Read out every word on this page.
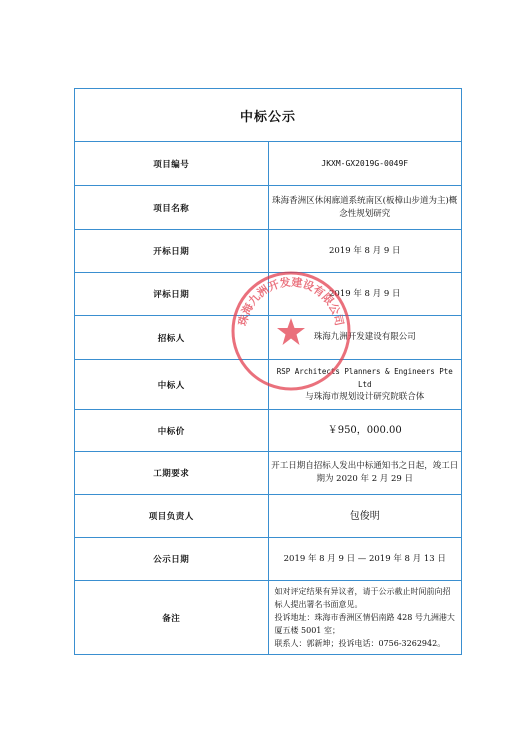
中标公示	
项目编号	JKXM-GX2019G-0049F
项目名称	珠海香洲区休闲廊道系统南区(板樟山步道为主)概念性规划研究
开标日期	2019 年 8 月 9 日
评标日期	2019 年 8 月 9 日
招标人	珠海九洲开发建设有限公司
中标人	RSP Architects Planners & Engineers Pte Ltd
与珠海市规划设计研究院联合体

中标价	￥950，000.00
工期要求	开工日期自招标人发出中标通知书之日起，竣工日期为 2020 年 2 月 29 日
项目负责人	包俊明
公示日期	2019 年 8 月 9 日 — 2019 年 8 月 13 日
备注	如对评定结果有异议者，请于公示截止时间前向招标人提出署名书面意见。
投诉地址：珠海市香洲区情侣南路 428 号九洲港大厦五楼 5001 室；
联系人：郭新坤；投诉电话：0756-3262942。
珠海九洲开发建设有限公司
